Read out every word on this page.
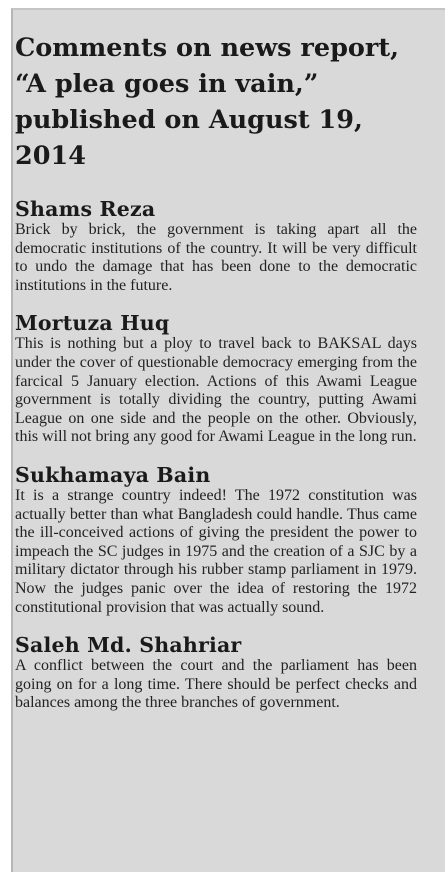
Comments on news report,
“A plea goes in vain,”
published on August 19, 2014
Shams Reza

Brick by brick, the government is taking apart all the democratic institutions of the country. It will be very difficult to undo the damage that has been done to the democratic institutions in the future.

Mortuza Huq

This is nothing but a ploy to travel back to BAKSAL days under the cover of questionable democracy emerging from the farcical 5 January election. Actions of this Awami League government is totally dividing the country, putting Awami League on one side and the people on the other. Obviously, this will not bring any good for Awami League in the long run.

Sukhamaya Bain

It is a strange country indeed! The 1972 constitution was actually better than what Bangladesh could handle. Thus came the ill-conceived actions of giving the president the power to impeach the SC judges in 1975 and the creation of a SJC by a military dictator through his rubber stamp parliament in 1979. Now the judges panic over the idea of restoring the 1972 constitutional provision that was actually sound.

Saleh Md. Shahriar

A conflict between the court and the parliament has been going on for a long time. There should be perfect checks and balances among the three branches of government.
